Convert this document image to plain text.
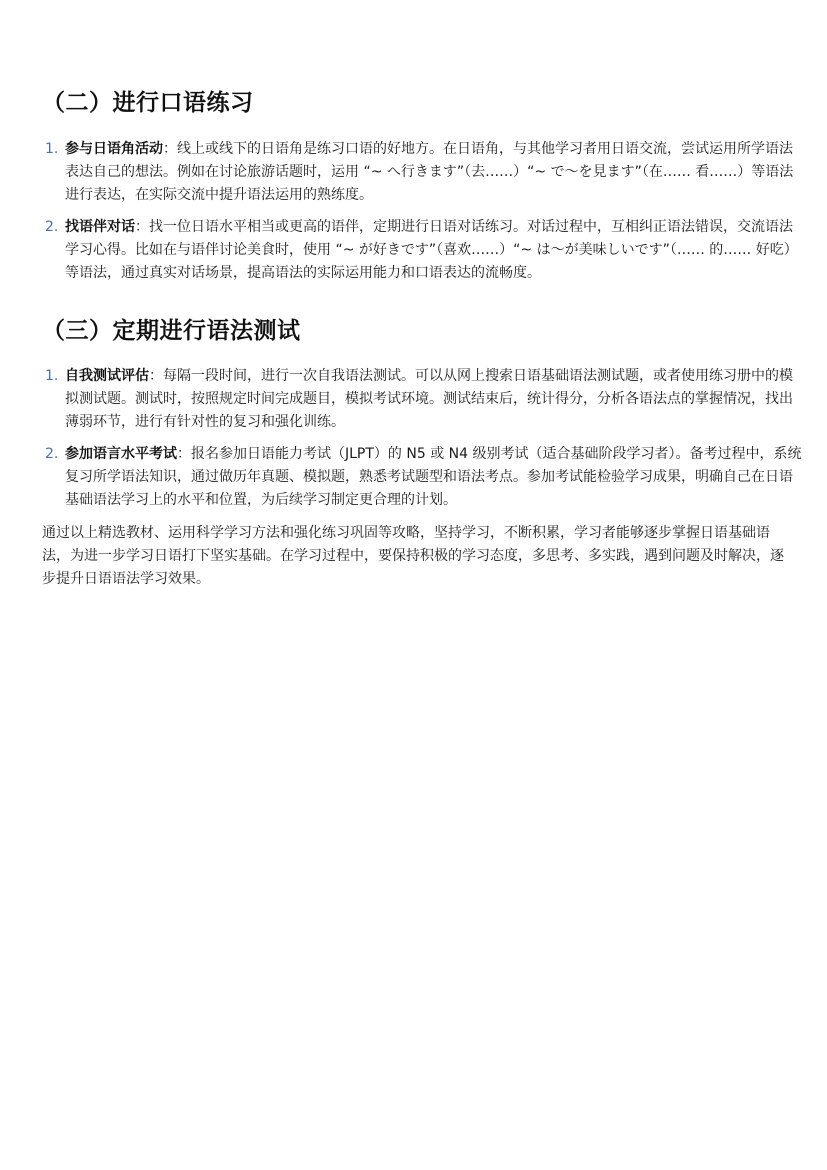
（二）进行口语练习
1. 参与日语角活动：线上或线下的日语角是练习口语的好地方。在日语角，与其他学习者用日语交流，尝试运用所学语法表达自己的想法。例如在讨论旅游话题时，运用 “~ へ行きます”（去……）“~ で～を見ます”（在…… 看……）等语法进行表达，在实际交流中提升语法运用的熟练度。
2. 找语伴对话：找一位日语水平相当或更高的语伴，定期进行日语对话练习。对话过程中，互相纠正语法错误，交流语法学习心得。比如在与语伴讨论美食时，使用 “~ が好きです”（喜欢……）“~ は～が美味しいです”（…… 的…… 好吃）等语法，通过真实对话场景，提高语法的实际运用能力和口语表达的流畅度。
（三）定期进行语法测试
1. 自我测试评估：每隔一段时间，进行一次自我语法测试。可以从网上搜索日语基础语法测试题，或者使用练习册中的模拟测试题。测试时，按照规定时间完成题目，模拟考试环境。测试结束后，统计得分，分析各语法点的掌握情况，找出薄弱环节，进行有针对性的复习和强化训练。
2. 参加语言水平考试：报名参加日语能力考试（JLPT）的 N5 或 N4 级别考试（适合基础阶段学习者）。备考过程中，系统复习所学语法知识，通过做历年真题、模拟题，熟悉考试题型和语法考点。参加考试能检验学习成果，明确自己在日语基础语法学习上的水平和位置，为后续学习制定更合理的计划。

通过以上精选教材、运用科学学习方法和强化练习巩固等攻略，坚持学习，不断积累，学习者能够逐步掌握日语基础语法，为进一步学习日语打下坚实基础。在学习过程中，要保持积极的学习态度，多思考、多实践，遇到问题及时解决，逐步提升日语语法学习效果。
